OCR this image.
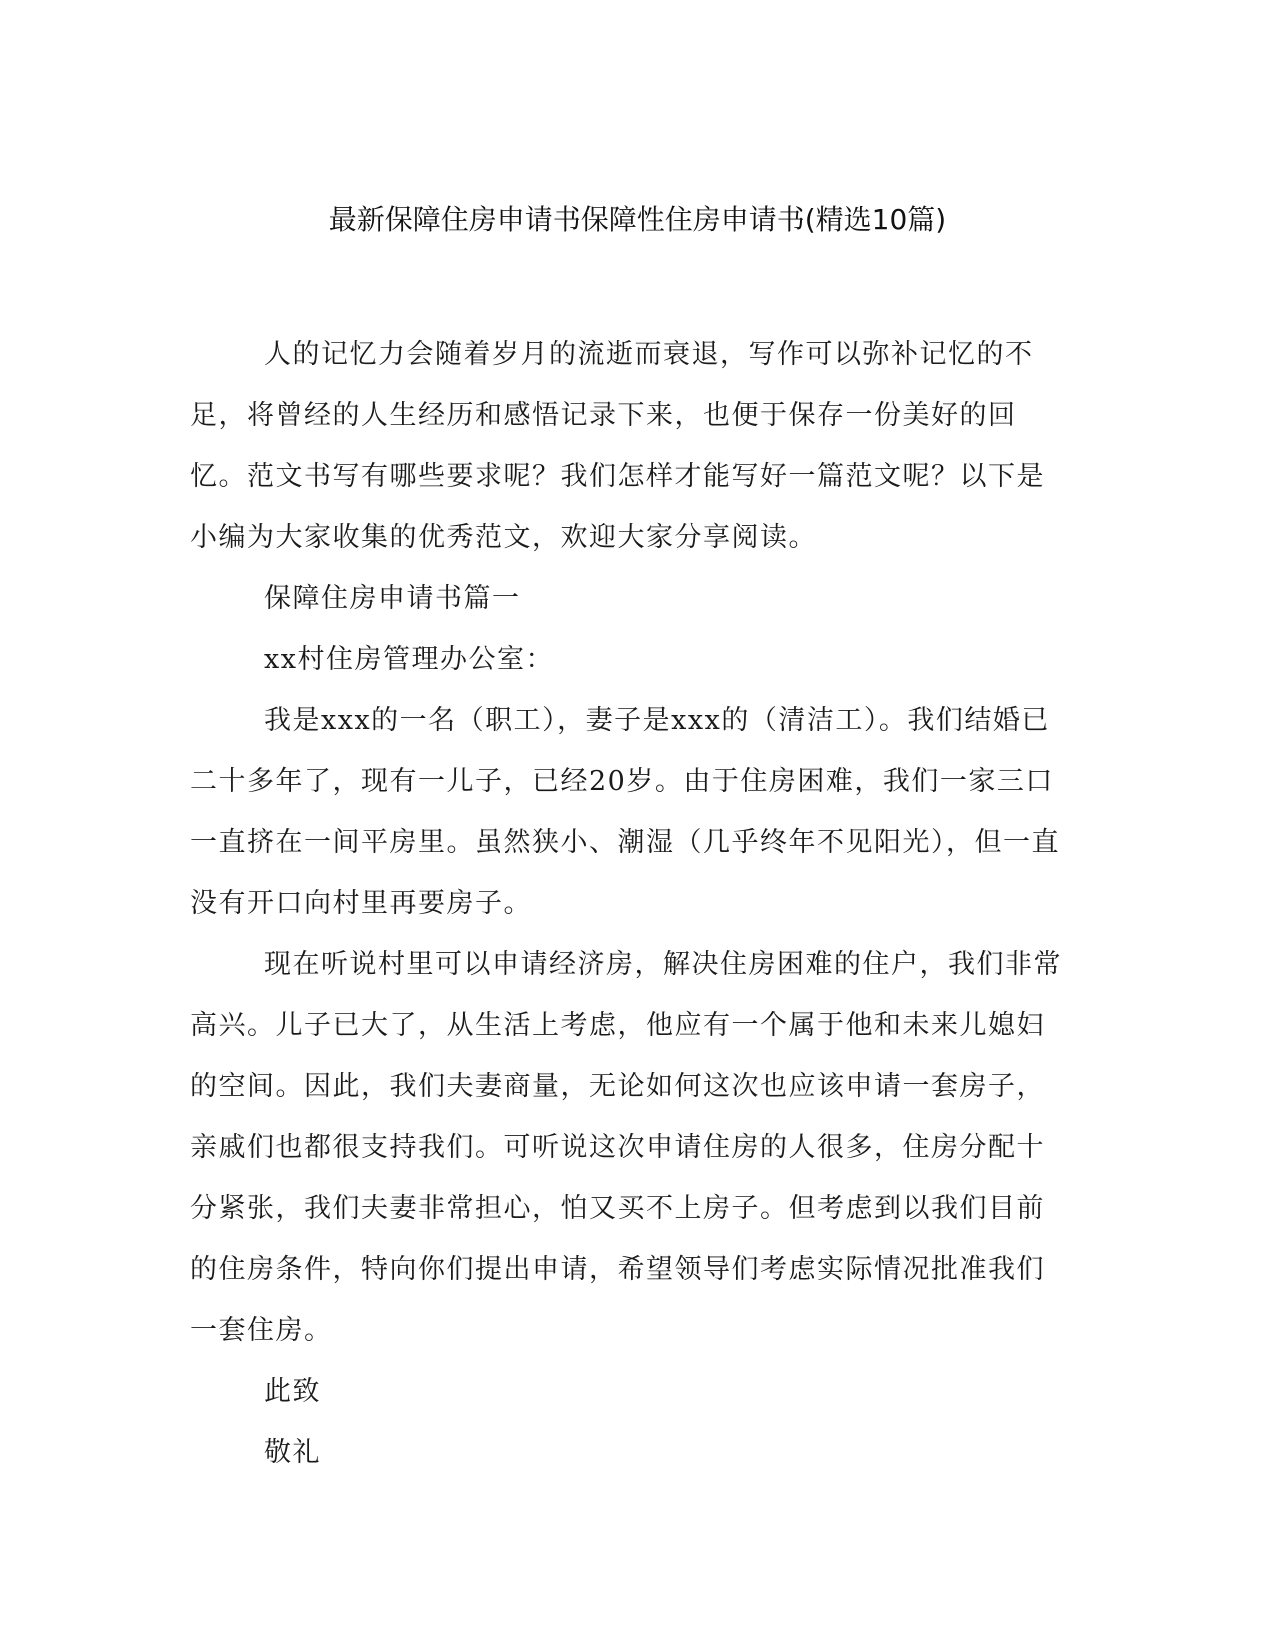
最新保障住房申请书保障性住房申请书(精选10篇)

人的记忆力会随着岁月的流逝而衰退，写作可以弥补记忆的不足，将曾经的人生经历和感悟记录下来，也便于保存一份美好的回忆。范文书写有哪些要求呢？我们怎样才能写好一篇范文呢？以下是小编为大家收集的优秀范文，欢迎大家分享阅读。

保障住房申请书篇一

xx村住房管理办公室：

我是xxx的一名（职工），妻子是xxx的（清洁工）。我们结婚已二十多年了，现有一儿子，已经20岁。由于住房困难，我们一家三口一直挤在一间平房里。虽然狭小、潮湿（几乎终年不见阳光），但一直没有开口向村里再要房子。

现在听说村里可以申请经济房，解决住房困难的住户，我们非常高兴。儿子已大了，从生活上考虑，他应有一个属于他和未来儿媳妇的空间。因此，我们夫妻商量，无论如何这次也应该申请一套房子，亲戚们也都很支持我们。可听说这次申请住房的人很多，住房分配十分紧张，我们夫妻非常担心，怕又买不上房子。但考虑到以我们目前的住房条件，特向你们提出申请，希望领导们考虑实际情况批准我们一套住房。

此致

敬礼
